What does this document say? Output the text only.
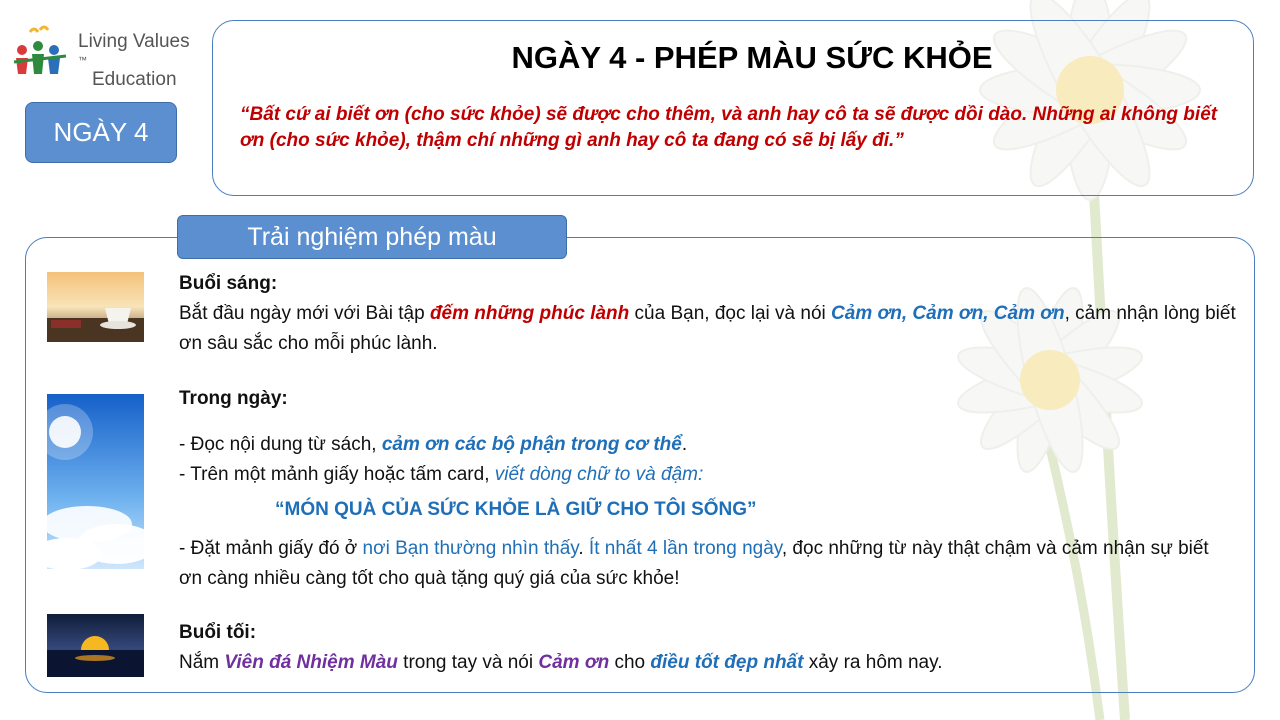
Living Values
™
Education
NGÀY 4
NGÀY 4 - PHÉP MÀU SỨC KHỎE
“Bất cứ ai biết ơn (cho sức khỏe) sẽ được cho thêm, và anh hay cô ta sẽ được dồi dào. Những ai không biết ơn (cho sức khỏe), thậm chí những gì anh hay cô ta đang có sẽ bị lấy đi.”
Trải nghiệm phép màu
Buổi sáng:
Bắt đầu ngày mới với Bài tập đếm những phúc lành của Bạn, đọc lại và nói Cảm ơn, Cảm ơn, Cảm ơn, cảm nhận lòng biết ơn sâu sắc cho mỗi phúc lành.
Trong ngày:
- Đọc nội dung từ sách, cảm ơn các bộ phận trong cơ thể.
- Trên một mảnh giấy hoặc tấm card, viết dòng chữ to và đậm:
“MÓN QUÀ CỦA SỨC KHỎE LÀ GIỮ CHO TÔI SỐNG”
- Đặt mảnh giấy đó ở nơi Bạn thường nhìn thấy. Ít nhất 4 lần trong ngày, đọc những từ này thật chậm và cảm nhận sự biết ơn càng nhiều càng tốt cho quà tặng quý giá của sức khỏe!
Buổi tối:
Nắm Viên đá Nhiệm Màu trong tay và nói Cảm ơn cho điều tốt đẹp nhất xảy ra hôm nay.
